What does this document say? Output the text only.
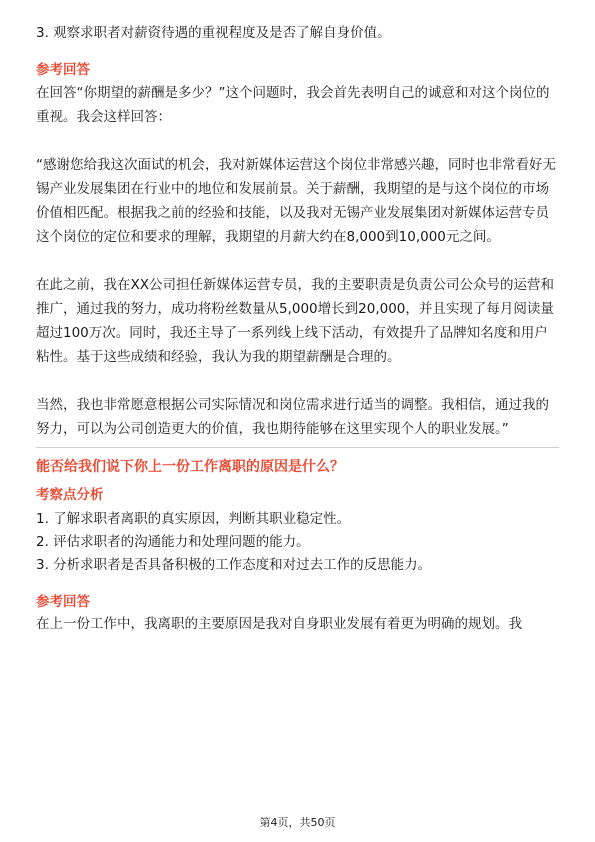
3. 观察求职者对薪资待遇的重视程度及是否了解自身价值。

参考回答

在回答“你期望的薪酬是多少？”这个问题时，我会首先表明自己的诚意和对这个岗位的重视。我会这样回答：

“感谢您给我这次面试的机会，我对新媒体运营这个岗位非常感兴趣，同时也非常看好无锡产业发展集团在行业中的地位和发展前景。关于薪酬，我期望的是与这个岗位的市场价值相匹配。根据我之前的经验和技能，以及我对无锡产业发展集团对新媒体运营专员这个岗位的定位和要求的理解，我期望的月薪大约在8,000到10,000元之间。

在此之前，我在XX公司担任新媒体运营专员，我的主要职责是负责公司公众号的运营和推广，通过我的努力，成功将粉丝数量从5,000增长到20,000，并且实现了每月阅读量超过100万次。同时，我还主导了一系列线上线下活动，有效提升了品牌知名度和用户粘性。基于这些成绩和经验，我认为我的期望薪酬是合理的。

当然，我也非常愿意根据公司实际情况和岗位需求进行适当的调整。我相信，通过我的努力，可以为公司创造更大的价值，我也期待能够在这里实现个人的职业发展。”

能否给我们说下你上一份工作离职的原因是什么？

考察点分析

1. 了解求职者离职的真实原因，判断其职业稳定性。

2. 评估求职者的沟通能力和处理问题的能力。

3. 分析求职者是否具备积极的工作态度和对过去工作的反思能力。

参考回答

在上一份工作中，我离职的主要原因是我对自身职业发展有着更为明确的规划。我

第4页，共50页
